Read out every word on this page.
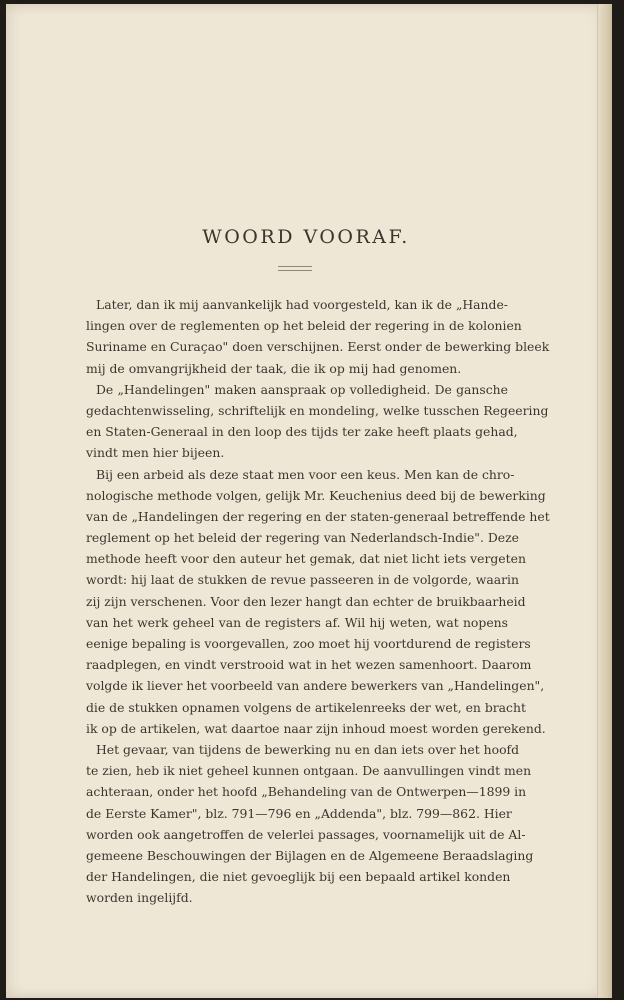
WOORD VOORAF.
Later, dan ik mij aanvankelijk had voorgesteld, kan ik de „Hande-
lingen over de reglementen op het beleid der regering in de kolonien
Suriname en Curaçao" doen verschijnen. Eerst onder de bewerking bleek
mij de omvangrijkheid der taak, die ik op mij had genomen.
De „Handelingen" maken aanspraak op volledigheid. De gansche
gedachtenwisseling, schriftelijk en mondeling, welke tusschen Regeering
en Staten-Generaal in den loop des tijds ter zake heeft plaats gehad,
vindt men hier bijeen.
Bij een arbeid als deze staat men voor een keus. Men kan de chro-
nologische methode volgen, gelijk Mr. Keuchenius deed bij de bewerking
van de „Handelingen der regering en der staten-generaal betreffende het
reglement op het beleid der regering van Nederlandsch-Indie". Deze
methode heeft voor den auteur het gemak, dat niet licht iets vergeten
wordt: hij laat de stukken de revue passeeren in de volgorde, waarin
zij zijn verschenen. Voor den lezer hangt dan echter de bruikbaarheid
van het werk geheel van de registers af. Wil hij weten, wat nopens
eenige bepaling is voorgevallen, zoo moet hij voortdurend de registers
raadplegen, en vindt verstrooid wat in het wezen samenhoort. Daarom
volgde ik liever het voorbeeld van andere bewerkers van „Handelingen",
die de stukken opnamen volgens de artikelenreeks der wet, en bracht
ik op de artikelen, wat daartoe naar zijn inhoud moest worden gerekend.
Het gevaar, van tijdens de bewerking nu en dan iets over het hoofd
te zien, heb ik niet geheel kunnen ontgaan. De aanvullingen vindt men
achteraan, onder het hoofd „Behandeling van de Ontwerpen—1899 in
de Eerste Kamer", blz. 791—796 en „Addenda", blz. 799—862. Hier
worden ook aangetroffen de velerlei passages, voornamelijk uit de Al-
gemeene Beschouwingen der Bijlagen en de Algemeene Beraadslaging
der Handelingen, die niet gevoeglijk bij een bepaald artikel konden
worden ingelijfd.
